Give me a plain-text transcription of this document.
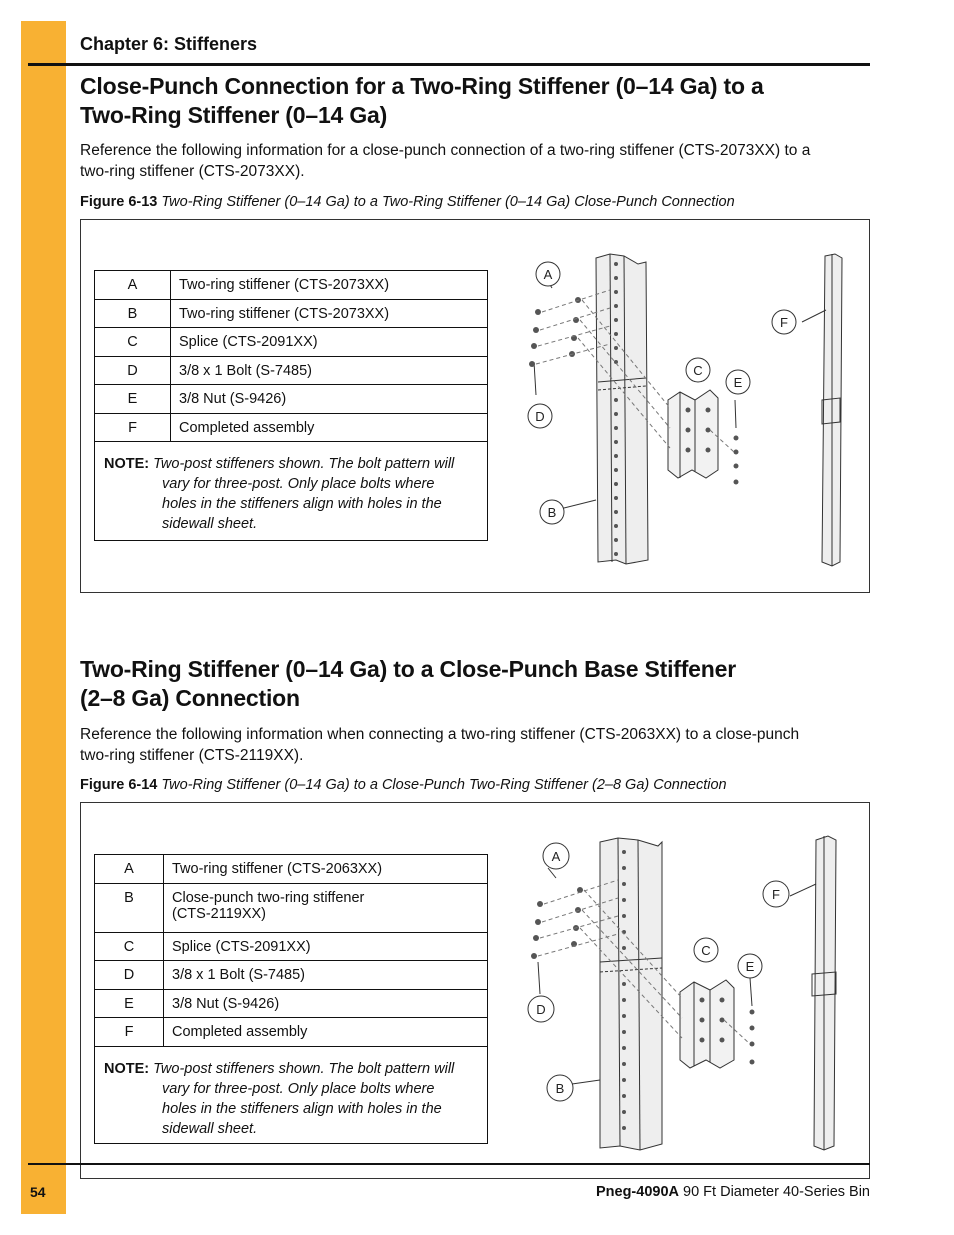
Chapter 6: Stiffeners
Close-Punch Connection for a Two-Ring Stiffener (0–14 Ga) to a
Two-Ring Stiffener (0–14 Ga)
Reference the following information for a close-punch connection of a two-ring stiffener (CTS-2073XX) to a
two-ring stiffener (CTS-2073XX).
Figure 6-13 Two-Ring Stiffener (0–14 Ga) to a Two-Ring Stiffener (0–14 Ga) Close-Punch Connection
A	Two-ring stiffener (CTS-2073XX)
B	Two-ring stiffener (CTS-2073XX)
C	Splice (CTS-2091XX)
D	3/8 x 1 Bolt (S-7485)
E	3/8 Nut (S-9426)
F	Completed assembly
NOTE: Two-post stiffeners shown. The bolt pattern will
vary for three-post. Only place bolts where
holes in the stiffeners align with holes in the
sidewall sheet.
A
D
B
C
E
F
Two-Ring Stiffener (0–14 Ga) to a Close-Punch Base Stiffener
(2–8 Ga) Connection
Reference the following information when connecting a two-ring stiffener (CTS-2063XX) to a close-punch
two-ring stiffener (CTS-2119XX).
Figure 6-14 Two-Ring Stiffener (0–14 Ga) to a Close-Punch Two-Ring Stiffener (2–8 Ga) Connection
A	Two-ring stiffener (CTS-2063XX)
B	Close-punch two-ring stiffener
(CTS-2119XX)
C	Splice (CTS-2091XX)
D	3/8 x 1 Bolt (S-7485)
E	3/8 Nut (S-9426)
F	Completed assembly
NOTE: Two-post stiffeners shown. The bolt pattern will
vary for three-post. Only place bolts where
holes in the stiffeners align with holes in the
sidewall sheet.
A
D
B
C
E
F
54	Pneg-4090A 90 Ft Diameter 40-Series Bin
